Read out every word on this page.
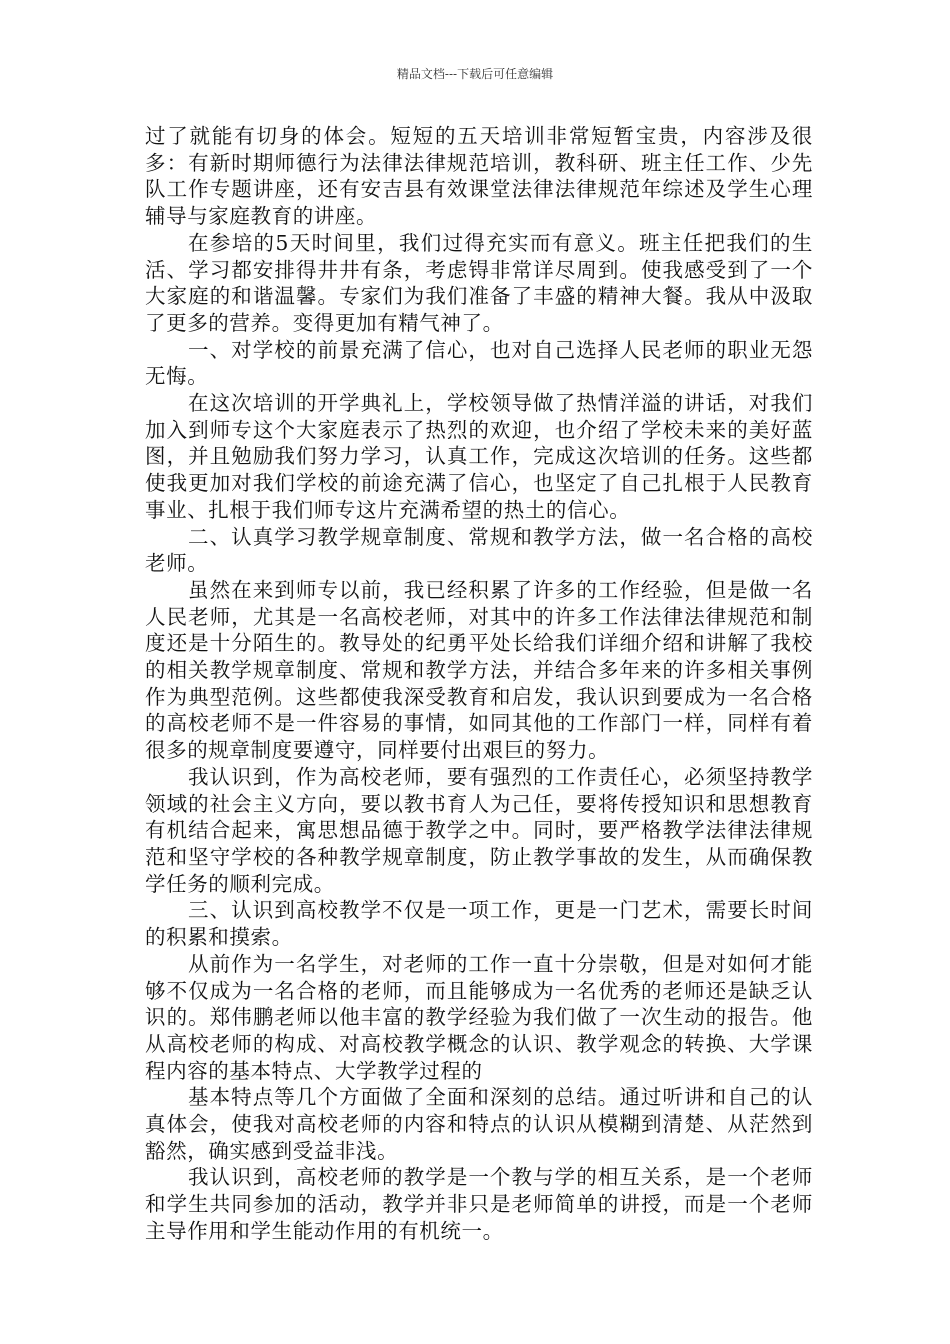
精品文档---下载后可任意编辑

过了就能有切身的体会。短短的五天培训非常短暂宝贵，内容涉及很多：有新时期师德行为法律法律规范培训，教科研、班主任工作、少先队工作专题讲座，还有安吉县有效课堂法律法律规范年综述及学生心理辅导与家庭教育的讲座。

在参培的5天时间里，我们过得充实而有意义。班主任把我们的生活、学习都安排得井井有条，考虑锝非常详尽周到。使我感受到了一个大家庭的和谐温馨。专家们为我们准备了丰盛的精神大餐。我从中汲取了更多的营养。变得更加有精气神了。

一、对学校的前景充满了信心，也对自己选择人民老师的职业无怨无悔。

在这次培训的开学典礼上，学校领导做了热情洋溢的讲话，对我们加入到师专这个大家庭表示了热烈的欢迎，也介绍了学校未来的美好蓝图，并且勉励我们努力学习，认真工作，完成这次培训的任务。这些都使我更加对我们学校的前途充满了信心，也坚定了自己扎根于人民教育事业、扎根于我们师专这片充满希望的热土的信心。

二、认真学习教学规章制度、常规和教学方法，做一名合格的高校老师。

虽然在来到师专以前，我已经积累了许多的工作经验，但是做一名人民老师，尤其是一名高校老师，对其中的许多工作法律法律规范和制度还是十分陌生的。教导处的纪勇平处长给我们详细介绍和讲解了我校的相关教学规章制度、常规和教学方法，并结合多年来的许多相关事例作为典型范例。这些都使我深受教育和启发，我认识到要成为一名合格的高校老师不是一件容易的事情，如同其他的工作部门一样，同样有着很多的规章制度要遵守，同样要付出艰巨的努力。

我认识到，作为高校老师，要有强烈的工作责任心，必须坚持教学领域的社会主义方向，要以教书育人为己任，要将传授知识和思想教育有机结合起来，寓思想品德于教学之中。同时，要严格教学法律法律规范和坚守学校的各种教学规章制度，防止教学事故的发生，从而确保教学任务的顺利完成。

三、认识到高校教学不仅是一项工作，更是一门艺术，需要长时间的积累和摸索。

从前作为一名学生，对老师的工作一直十分崇敬，但是对如何才能够不仅成为一名合格的老师，而且能够成为一名优秀的老师还是缺乏认识的。郑伟鹏老师以他丰富的教学经验为我们做了一次生动的报告。他从高校老师的构成、对高校教学概念的认识、教学观念的转换、大学课程内容的基本特点、大学教学过程的

基本特点等几个方面做了全面和深刻的总结。通过听讲和自己的认真体会，使我对高校老师的内容和特点的认识从模糊到清楚、从茫然到豁然，确实感到受益非浅。

我认识到，高校老师的教学是一个教与学的相互关系，是一个老师和学生共同参加的活动，教学并非只是老师简单的讲授，而是一个老师主导作用和学生能动作用的有机统一。
